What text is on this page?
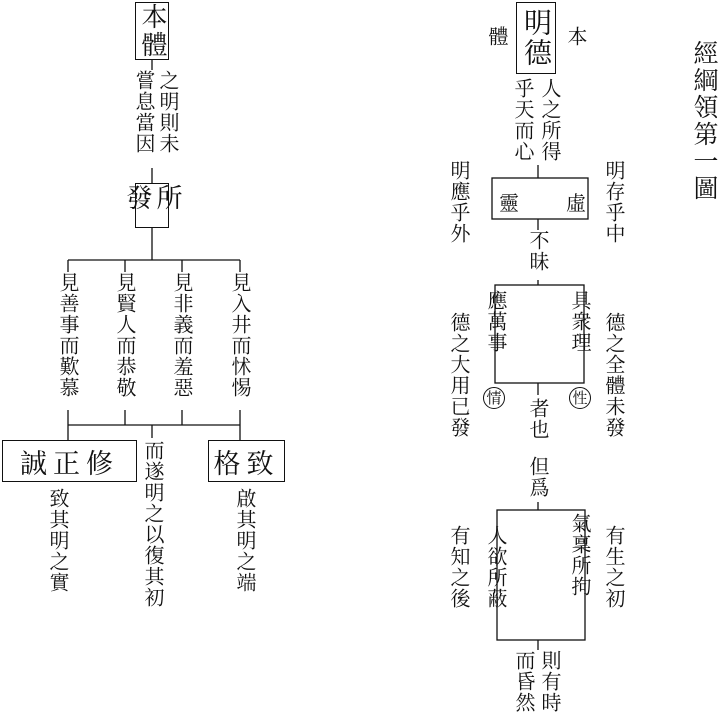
本體
嘗息當因 之明則未
所發
見入井而怵惕
見非義而羞惡
見賢人而恭敬
見善事而歎慕
誠正修
致其明之實	而遂明之以復其初 格致
啟其明之端
明德 本
體
人之所得
乎天而心
虛
靈	明存乎中
明應乎外
不昧
具衆理
應萬事
性
情	德之全體未發
德之大用已發	者也
但爲
氣稟所拘
人欲所蔽	有生之初
有知之後
則有時
而昏然
經綱領第一圖
